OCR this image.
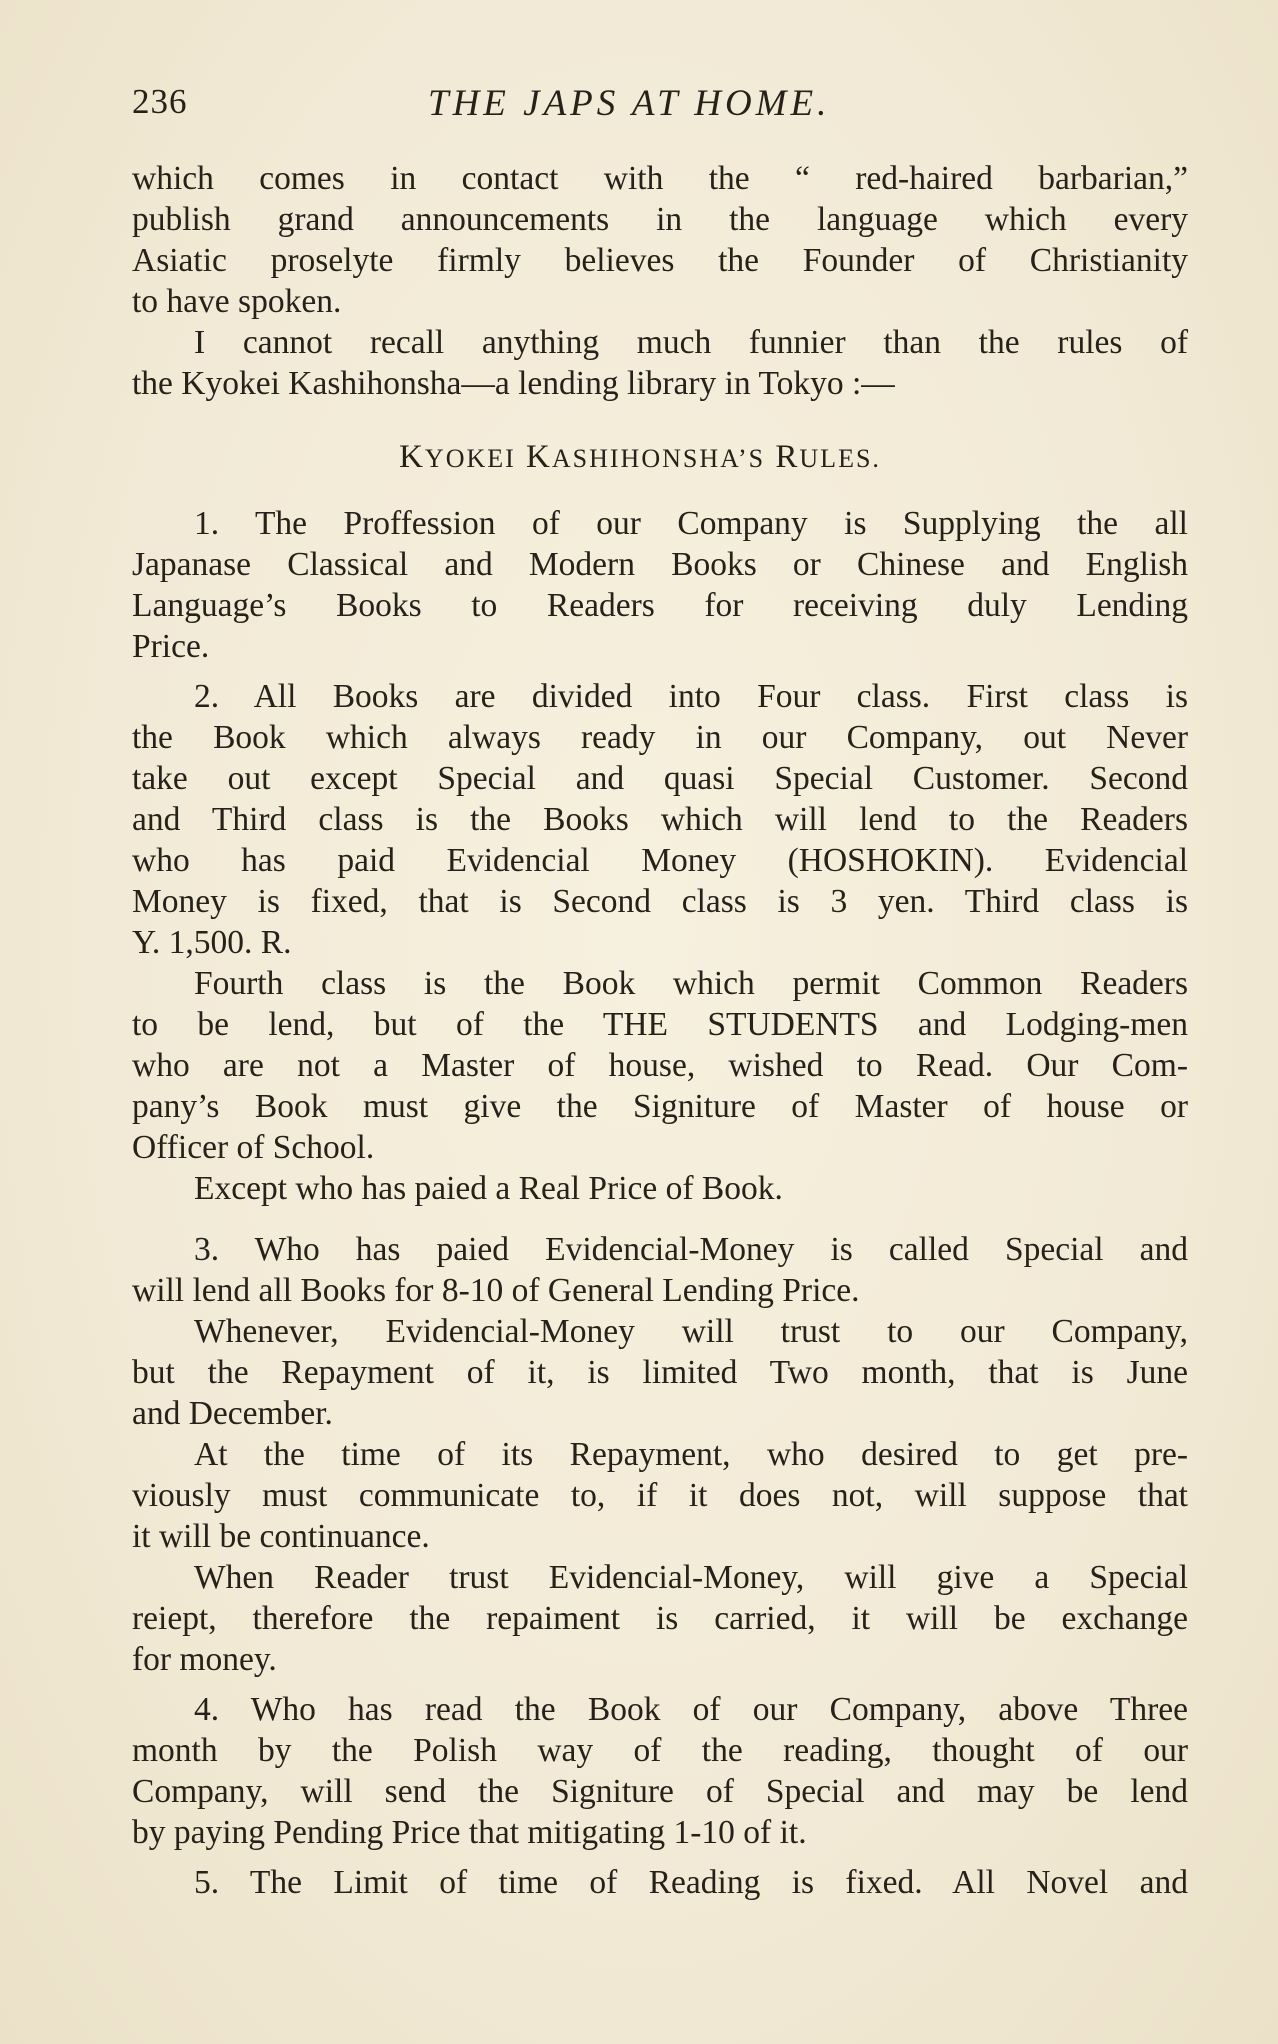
236	THE JAPS AT HOME.
which comes in contact with the “ red-haired barbarian,”
publish grand announcements in the language which every
Asiatic proselyte firmly believes the Founder of Christianity
to have spoken.
I cannot recall anything much funnier than the rules of
the Kyokei Kashihonsha—a lending library in Tokyo :—
KYOKEI KASHIHONSHA’S RULES.
1. The Proffession of our Company is Supplying the all
Japanase Classical and Modern Books or Chinese and English
Language’s Books to Readers for receiving duly Lending
Price.
2. All Books are divided into Four class. First class is
the Book which always ready in our Company, out Never
take out except Special and quasi Special Customer. Second
and Third class is the Books which will lend to the Readers
who has paid Evidencial Money (HOSHOKIN). Evidencial
Money is fixed, that is Second class is 3 yen. Third class is
Y. 1,500. R.
Fourth class is the Book which permit Common Readers
to be lend, but of the THE STUDENTS and Lodging-men
who are not a Master of house, wished to Read. Our Com-
pany’s Book must give the Signiture of Master of house or
Officer of School.
Except who has paied a Real Price of Book.
3. Who has paied Evidencial-Money is called Special and
will lend all Books for 8-10 of General Lending Price.
Whenever, Evidencial-Money will trust to our Company,
but the Repayment of it, is limited Two month, that is June
and December.
At the time of its Repayment, who desired to get pre-
viously must communicate to, if it does not, will suppose that
it will be continuance.
When Reader trust Evidencial-Money, will give a Special
reiept, therefore the repaiment is carried, it will be exchange
for money.
4. Who has read the Book of our Company, above Three
month by the Polish way of the reading, thought of our
Company, will send the Signiture of Special and may be lend
by paying Pending Price that mitigating 1-10 of it.
5. The Limit of time of Reading is fixed. All Novel and
